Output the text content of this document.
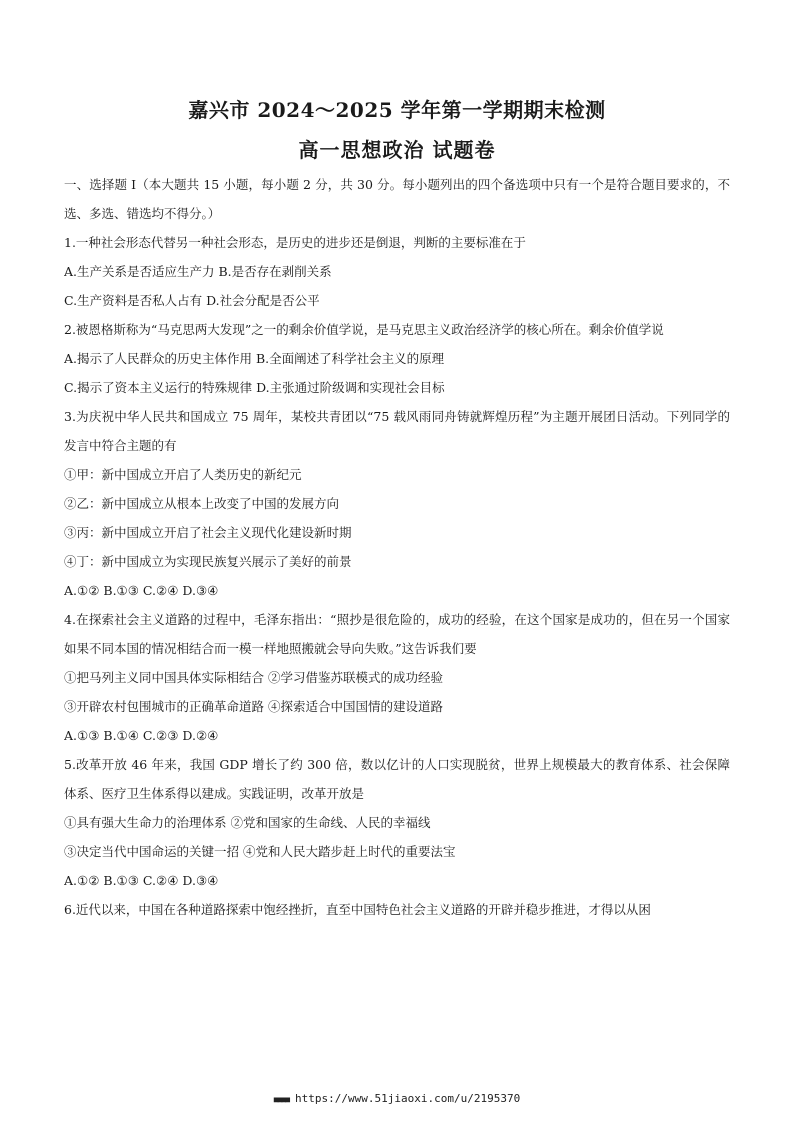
嘉兴市 2024～2025 学年第一学期期末检测
高一思想政治 试题卷
一、选择题 I（本大题共 15 小题，每小题 2 分，共 30 分。每小题列出的四个备选项中只有一个是符合题目要求的，不选、多选、错选均不得分。）
1.一种社会形态代替另一种社会形态，是历史的进步还是倒退，判断的主要标准在于
A.生产关系是否适应生产力 B.是否存在剥削关系
C.生产资料是否私人占有 D.社会分配是否公平
2.被恩格斯称为“马克思两大发现”之一的剩余价值学说，是马克思主义政治经济学的核心所在。剩余价值学说
A.揭示了人民群众的历史主体作用 B.全面阐述了科学社会主义的原理
C.揭示了资本主义运行的特殊规律 D.主张通过阶级调和实现社会目标
3.为庆祝中华人民共和国成立 75 周年，某校共青团以“75 载风雨同舟铸就辉煌历程”为主题开展团日活动。下列同学的发言中符合主题的有
①甲：新中国成立开启了人类历史的新纪元
②乙：新中国成立从根本上改变了中国的发展方向
③丙：新中国成立开启了社会主义现代化建设新时期
④丁：新中国成立为实现民族复兴展示了美好的前景
A.①② B.①③ C.②④ D.③④
4.在探索社会主义道路的过程中，毛泽东指出：“照抄是很危险的，成功的经验，在这个国家是成功的，但在另一个国家如果不同本国的情况相结合而一模一样地照搬就会导向失败。”这告诉我们要
①把马列主义同中国具体实际相结合 ②学习借鉴苏联模式的成功经验
③开辟农村包围城市的正确革命道路 ④探索适合中国国情的建设道路
A.①③ B.①④ C.②③ D.②④
5.改革开放 46 年来，我国 GDP 增长了约 300 倍，数以亿计的人口实现脱贫，世界上规模最大的教育体系、社会保障体系、医疗卫生体系得以建成。实践证明，改革开放是
①具有强大生命力的治理体系 ②党和国家的生命线、人民的幸福线
③决定当代中国命运的关键一招 ④党和人民大踏步赶上时代的重要法宝
A.①② B.①③ C.②④ D.③④
6.近代以来，中国在各种道路探索中饱经挫折，直至中国特色社会主义道路的开辟并稳步推进，才得以从困
■■■■ https://www.51jiaoxi.com/u/2195370
